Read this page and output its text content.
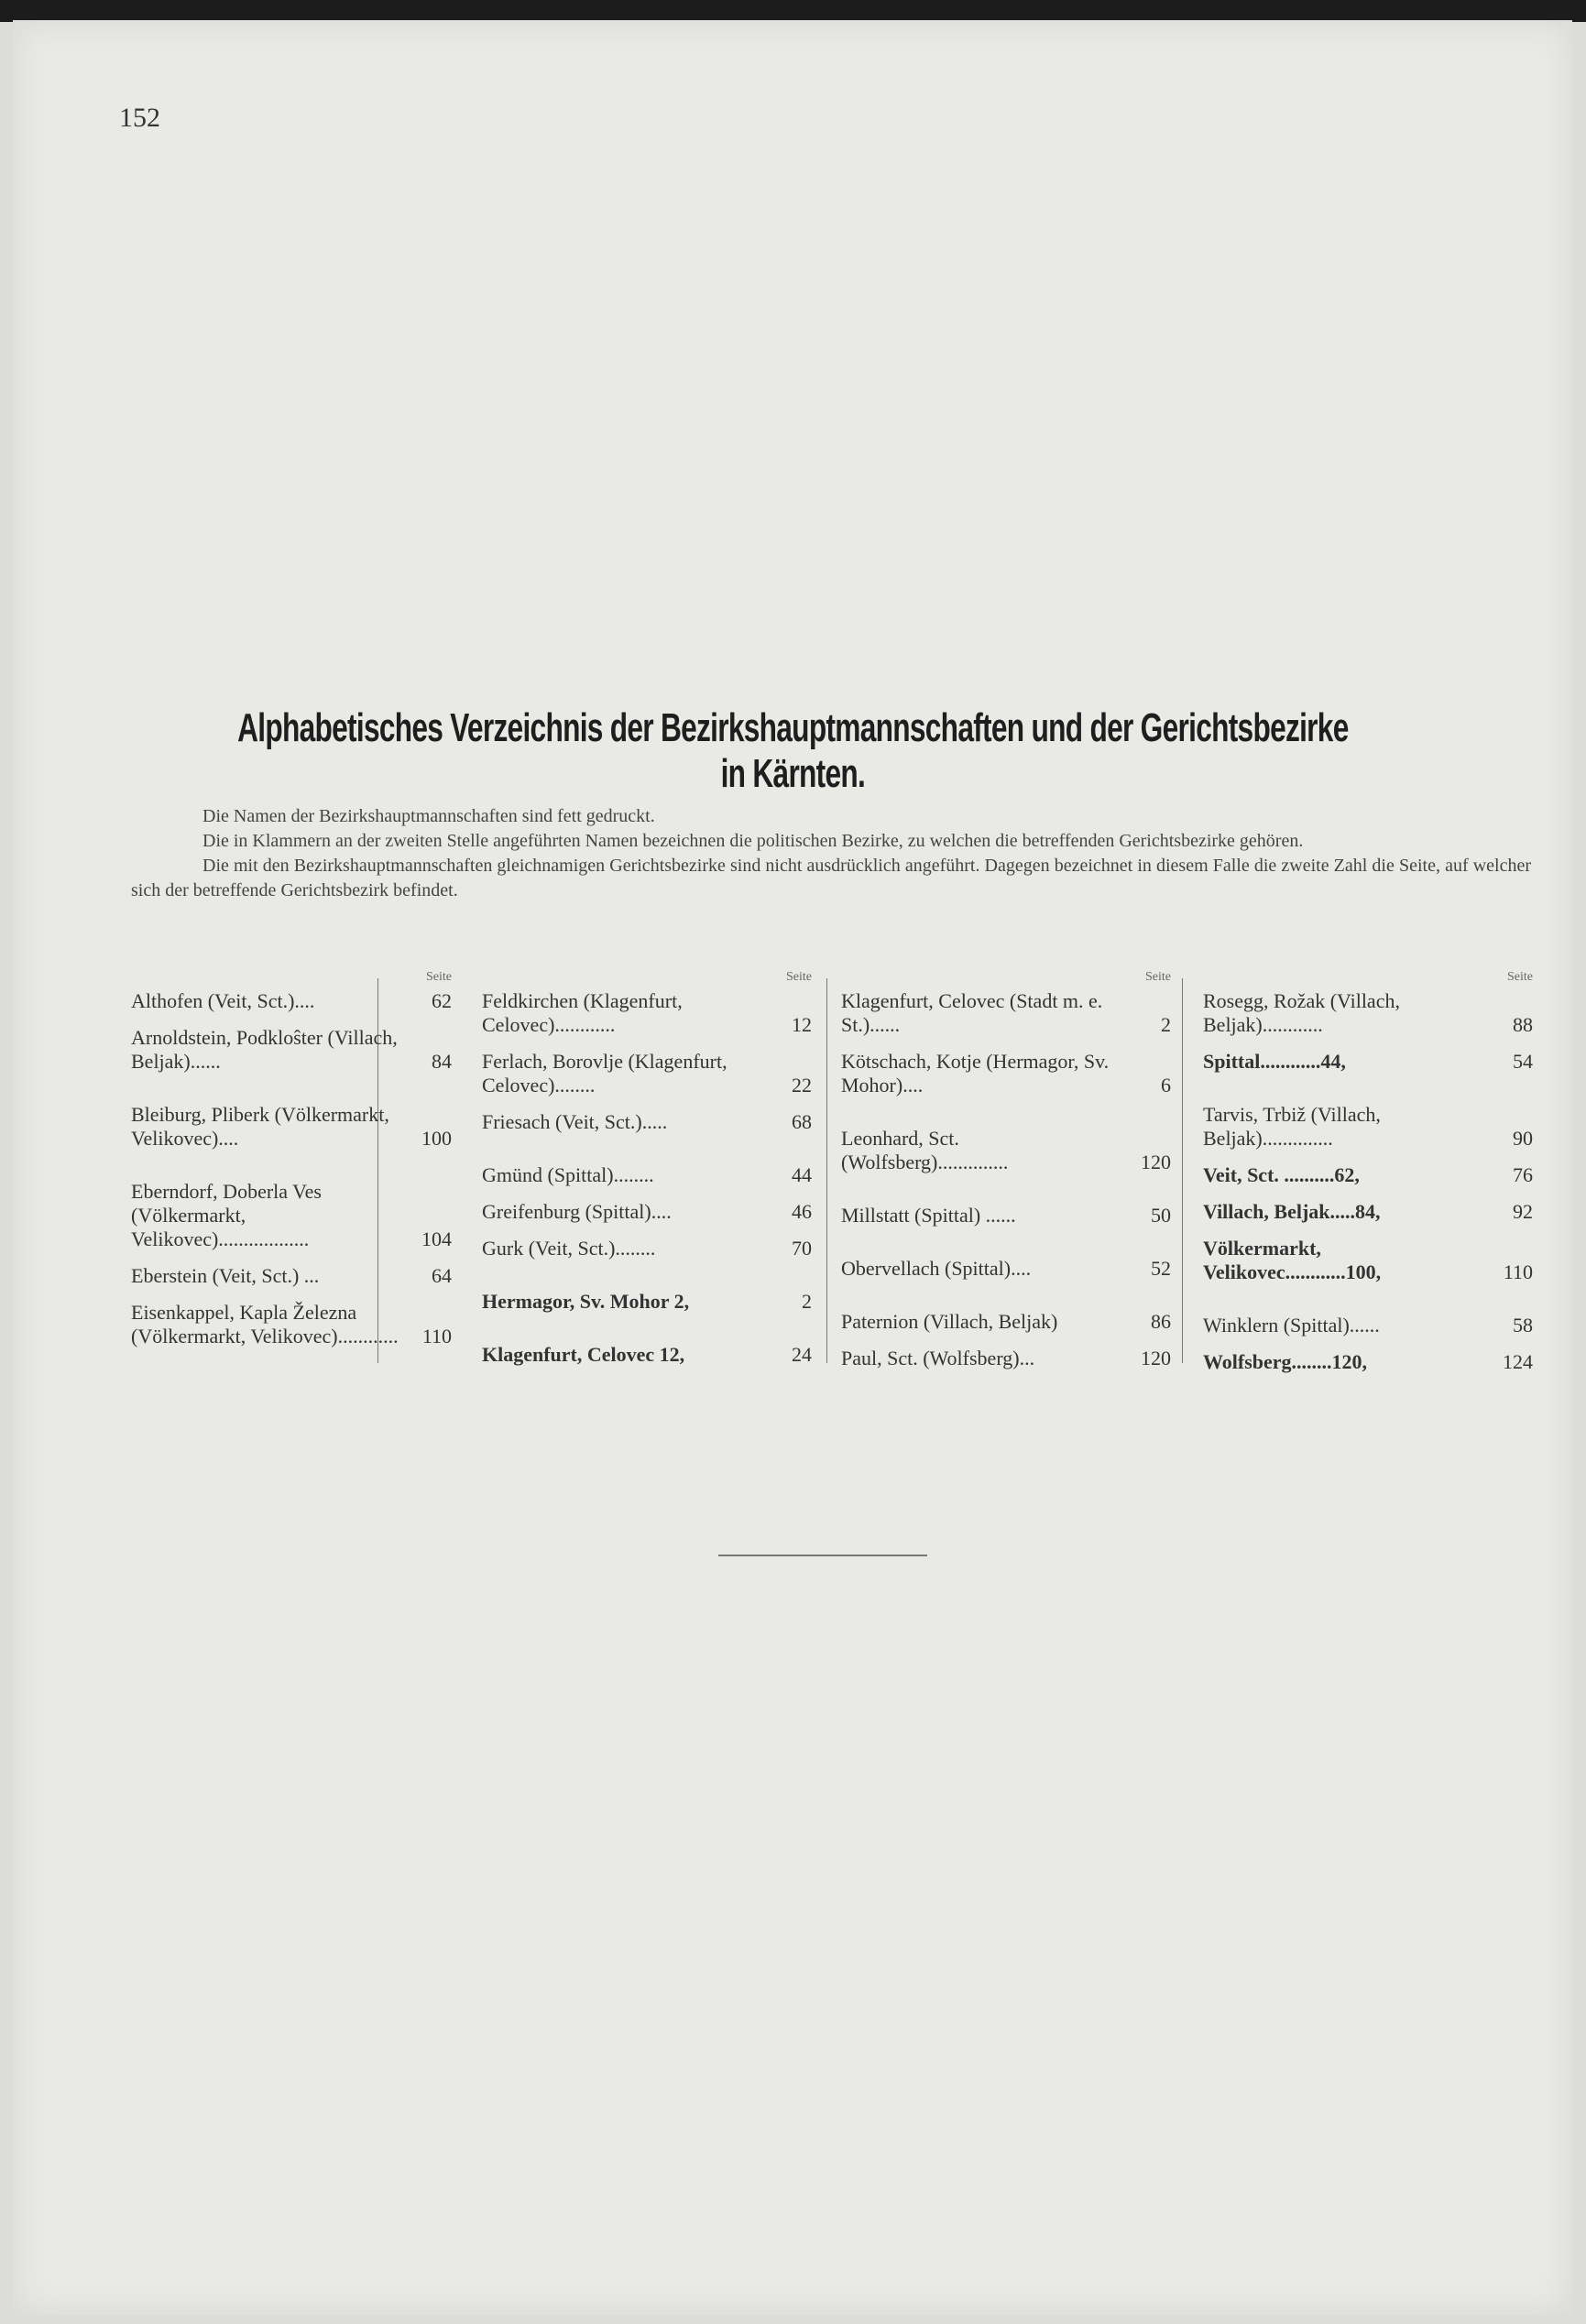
152
Alphabetisches Verzeichnis der Bezirkshauptmannschaften und der Gerichtsbezirke in Kärnten.

Die Namen der Bezirkshauptmannschaften sind fett gedruckt.

Die in Klammern an der zweiten Stelle angeführten Namen bezeichnen die politischen Bezirke, zu welchen die betreffenden Gerichtsbezirke gehören.

Die mit den Bezirkshauptmannschaften gleichnamigen Gerichtsbezirke sind nicht ausdrücklich angeführt. Dagegen bezeichnet in diesem Falle die zweite Zahl die Seite, auf welcher sich der betreffende Gerichtsbezirk befindet.

Seite
Althofen (Veit, Sct.)....	62
Arnoldstein, Podkloŝter (Villach, Beljak)......	84
Bleiburg, Pliberk (Völkermarkt, Velikovec)....	100
Eberndorf, Doberla Ves (Völkermarkt, Velikovec)..................	104
Eberstein (Veit, Sct.) ...	64
Eisenkappel, Kapla Železna (Völkermarkt, Velikovec)............	110
Seite
Feldkirchen (Klagenfurt, Celovec)............	12
Ferlach, Borovlje (Klagenfurt, Celovec)........	22
Friesach (Veit, Sct.).....	68
Gmünd (Spittal)........	44
Greifenburg (Spittal)....	46
Gurk (Veit, Sct.)........	70
Hermagor, Sv. Mohor 2,	2
Klagenfurt, Celovec 12,	24
Seite
Klagenfurt, Celovec (Stadt m. e. St.)......	2
Kötschach, Kotje (Hermagor, Sv. Mohor)....	6
Leonhard, Sct. (Wolfsberg)..............	120
Millstatt (Spittal) ......	50
Obervellach (Spittal)....	52
Paternion (Villach, Beljak)	86
Paul, Sct. (Wolfsberg)...	120
Seite
Rosegg, Rožak (Villach, Beljak)............	88
Spittal............44,	54
Tarvis, Trbiž (Villach, Beljak)..............	90
Veit, Sct. ..........62,	76
Villach, Beljak.....84,	92
Völkermarkt, Velikovec............100,	110
Winklern (Spittal)......	58
Wolfsberg........120,	124
